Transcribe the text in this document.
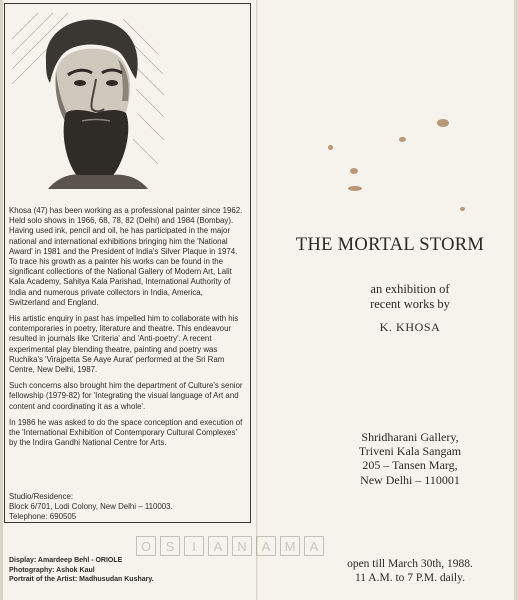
Khosa (47) has been working as a professional painter since 1962. Held solo shows in 1966, 68, 78, 82 (Delhi) and 1984 (Bombay). Having used ink, pencil and oil, he has participated in the major national and international exhibitions bringing him the 'National Award' in 1981 and the President of India's Silver Plaque in 1974. To trace his growth as a painter his works can be found in the significant collections of the National Gallery of Modern Art, Lalit Kala Academy, Sahitya Kala Parishad, International Authority of India and numerous private collectors in India, America, Switzerland and England.

His artistic enquiry in past has impelled him to collaborate with his contemporaries in poetry, literature and theatre. This endeavour resulted in journals like 'Criteria' and 'Anti-poetry'. A recent experimental play blending theatre, painting and poetry was Ruchika's 'Virajpetta Se Aaye Aurat' performed at the Sri Ram Centre, New Delhi, 1987.

Such concerns also brought him the department of Culture's senior fellowship (1979-82) for 'Integrating the visual language of Art and content and coordinating it as a whole'.

In 1986 he was asked to do the space conception and execution of the 'International Exhibition of Contemporary Cultural Complexes' by the Indira Gandhi National Centre for Arts.

Studio/Residence:
Block 6/701, Lodi Colony, New Delhi – 110003.
Telephone: 690505
Display: Amardeep Behl - ORIOLE
Photography: Ashok Kaul
Portrait of the Artist: Madhusudan Kushary.
THE MORTAL STORM
an exhibition of
recent works by
K. KHOSA
Shridharani Gallery,
Triveni Kala Sangam
205 – Tansen Marg,
New Delhi – 110001
open till March 30th, 1988.
11 A.M. to 7 P.M. daily.
O	S	I	A	N	A	M	A
